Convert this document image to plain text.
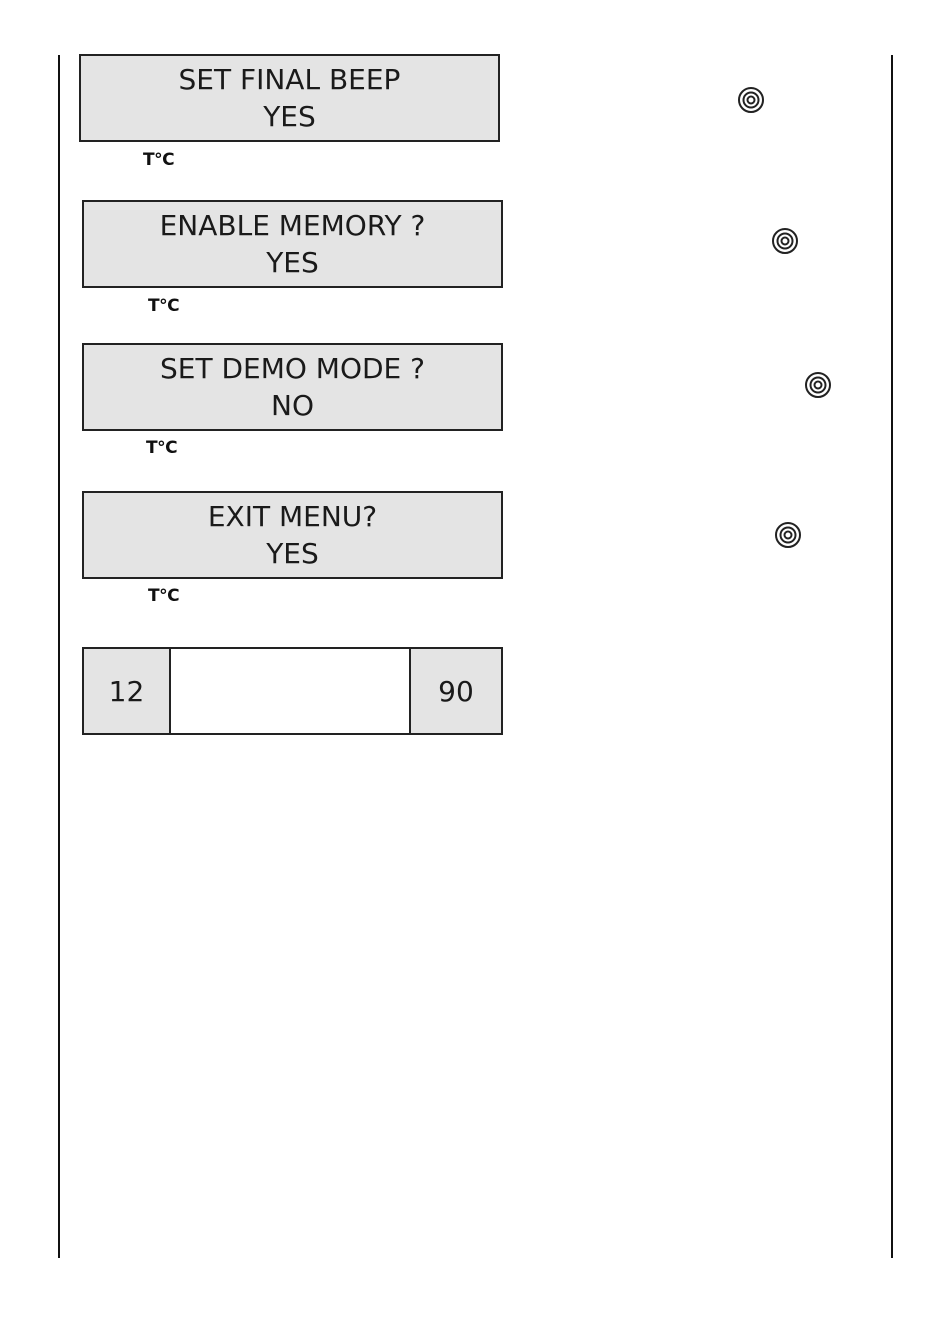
SET FINAL BEEP
YES
T°C
ENABLE MEMORY ?
YES
T°C
SET DEMO MODE ?
NO
T°C
EXIT MENU?
YES
T°C
12	90
